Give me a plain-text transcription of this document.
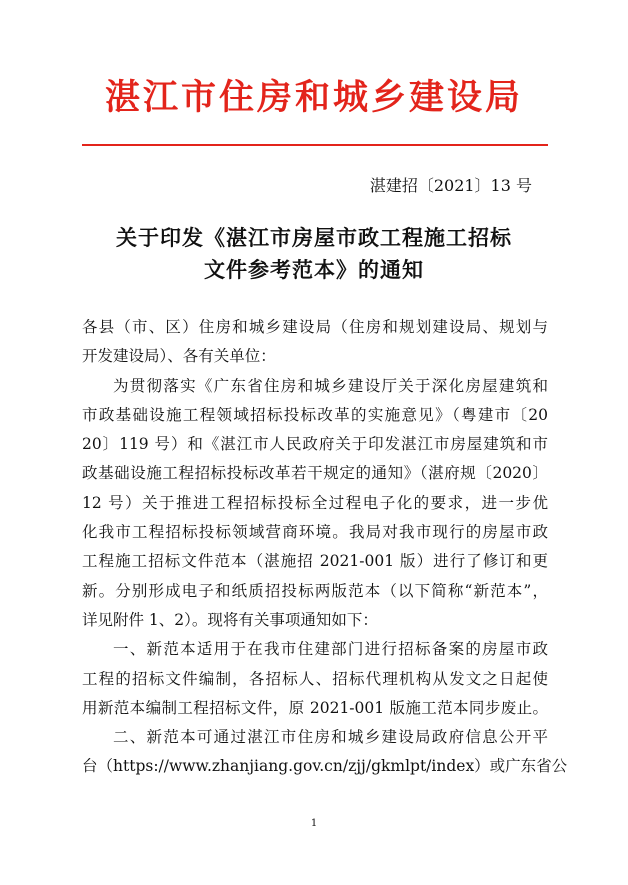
湛江市住房和城乡建设局
湛建招〔2021〕13 号
关于印发《湛江市房屋市政工程施工招标
文件参考范本》的通知
各县（市、区）住房和城乡建设局（住房和规划建设局、规划与
开发建设局）、各有关单位：
为贯彻落实《广东省住房和城乡建设厅关于深化房屋建筑和
市政基础设施工程领域招标投标改革的实施意见》（粤建市〔20
20〕119 号）和《湛江市人民政府关于印发湛江市房屋建筑和市
政基础设施工程招标投标改革若干规定的通知》（湛府规〔2020〕
12 号）关于推进工程招标投标全过程电子化的要求，进一步优
化我市工程招标投标领域营商环境。我局对我市现行的房屋市政
工程施工招标文件范本（湛施招 2021-001 版）进行了修订和更
新。分别形成电子和纸质招投标两版范本（以下简称“新范本”，
详见附件 1、2）。现将有关事项通知如下：
一、新范本适用于在我市住建部门进行招标备案的房屋市政
工程的招标文件编制，各招标人、招标代理机构从发文之日起使
用新范本编制工程招标文件，原 2021-001 版施工范本同步废止。
二、新范本可通过湛江市住房和城乡建设局政府信息公开平
台（https://www.zhanjiang.gov.cn/zjj/gkmlpt/index）或广东省公
1
